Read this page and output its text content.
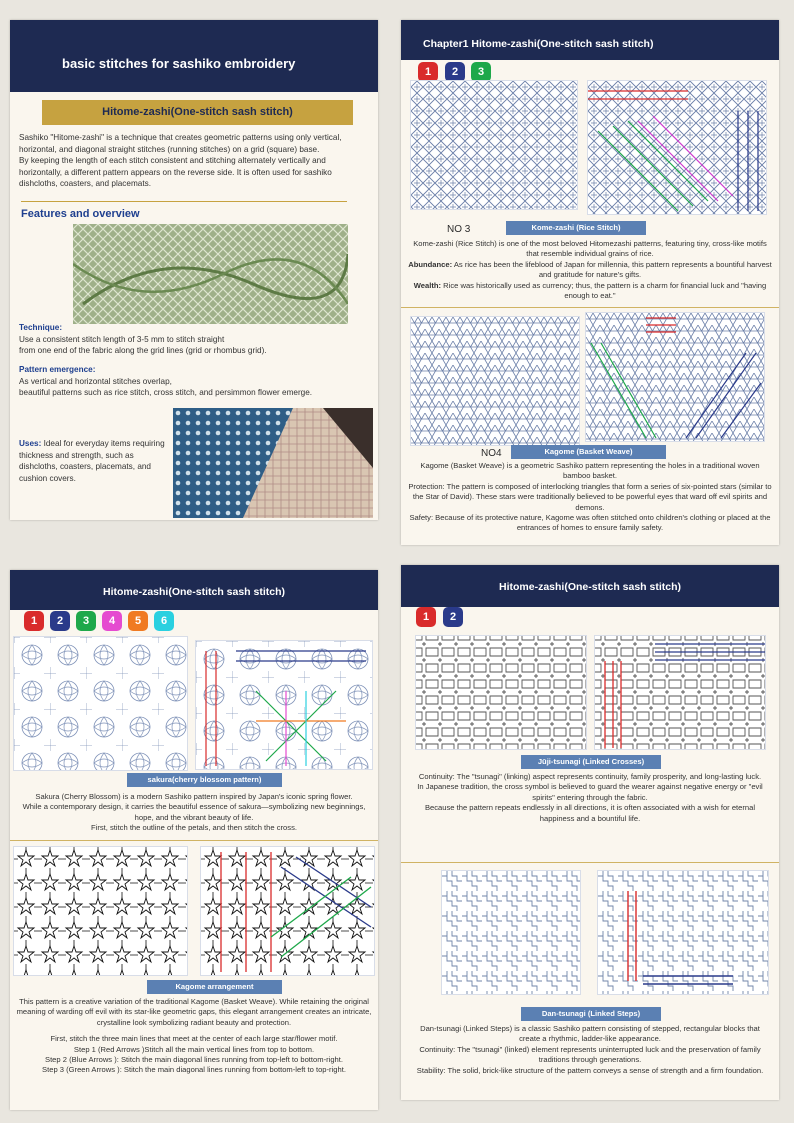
basic stitches for sashiko embroidery
Hitome-zashi(One-stitch sash stitch)
Sashiko "Hitome-zashi" is a technique that creates geometric patterns using only vertical, horizontal, and diagonal straight stitches (running stitches) on a grid (square) base.
By keeping the length of each stitch consistent and stitching alternately vertically and horizontally, a different pattern appears on the reverse side. It is often used for sashiko dishcloths, coasters, and placemats.
Features and overview
Technique:
Use a consistent stitch length of 3-5 mm to stitch straight
from one end of the fabric along the grid lines (grid or rhombus grid).
Pattern emergence:
As vertical and horizontal stitches overlap,
beautiful patterns such as rice stitch, cross stitch, and persimmon flower emerge.
Uses: Ideal for everyday items requiring thickness and strength, such as dishcloths, coasters, placemats, and cushion covers.
Chapter1 Hitome-zashi(One-stitch sash stitch)
1	2	3
NO 3	Kome-zashi (Rice Stitch)
Kome-zashi (Rice Stitch) is one of the most beloved Hitomezashi patterns, featuring tiny, cross-like motifs that resemble individual grains of rice.
Abundance: As rice has been the lifeblood of Japan for millennia, this pattern represents a bountiful harvest and gratitude for nature's gifts.
Wealth: Rice was historically used as currency; thus, the pattern is a charm for financial luck and "having enough to eat."
NO4	Kagome (Basket Weave)
Kagome (Basket Weave) is a geometric Sashiko pattern representing the holes in a traditional woven bamboo basket.
Protection: The pattern is composed of interlocking triangles that form a series of six-pointed stars (similar to the Star of David). These stars were traditionally believed to be powerful eyes that ward off evil spirits and demons.
Safety: Because of its protective nature, Kagome was often stitched onto children's clothing or placed at the entrances of homes to ensure family safety.
Hitome-zashi(One-stitch sash stitch)
1	2	3	4	5	6
sakura(cherry blossom pattern)
Sakura (Cherry Blossom) is a modern Sashiko pattern inspired by Japan's iconic spring flower.
While a contemporary design, it carries the beautiful essence of sakura—symbolizing new beginnings, hope, and the vibrant beauty of life.
First, stitch the outline of the petals, and then stitch the cross.
Kagome arrangement
This pattern is a creative variation of the traditional Kagome (Basket Weave). While retaining the original meaning of warding off evil with its star-like geometric gaps, this elegant arrangement creates an intricate, crystalline look symbolizing radiant beauty and protection.
First, stitch the three main lines that meet at the center of each large star/flower motif.
Step 1 (Red Arrows )Stitch all the main vertical lines from top to bottom.
Step 2 (Blue Arrows ): Stitch the main diagonal lines running from top-left to bottom-right.
Step 3 (Green Arrows ): Stitch the main diagonal lines running from bottom-left to top-right.
Hitome-zashi(One-stitch sash stitch)
1	2
Jūji-tsunagi (Linked Crosses)
Continuity: The "tsunagi" (linking) aspect represents continuity, family prosperity, and long-lasting luck.
In Japanese tradition, the cross symbol is believed to guard the wearer against negative energy or "evil spirits" entering through the fabric.
Because the pattern repeats endlessly in all directions, it is often associated with a wish for eternal happiness and a bountiful life.
Dan-tsunagi (Linked Steps)
Dan-tsunagi (Linked Steps) is a classic Sashiko pattern consisting of stepped, rectangular blocks that create a rhythmic, ladder-like appearance.
Continuity: The "tsunagi" (linked) element represents uninterrupted luck and the preservation of family traditions through generations.
Stability: The solid, brick-like structure of the pattern conveys a sense of strength and a firm foundation.
